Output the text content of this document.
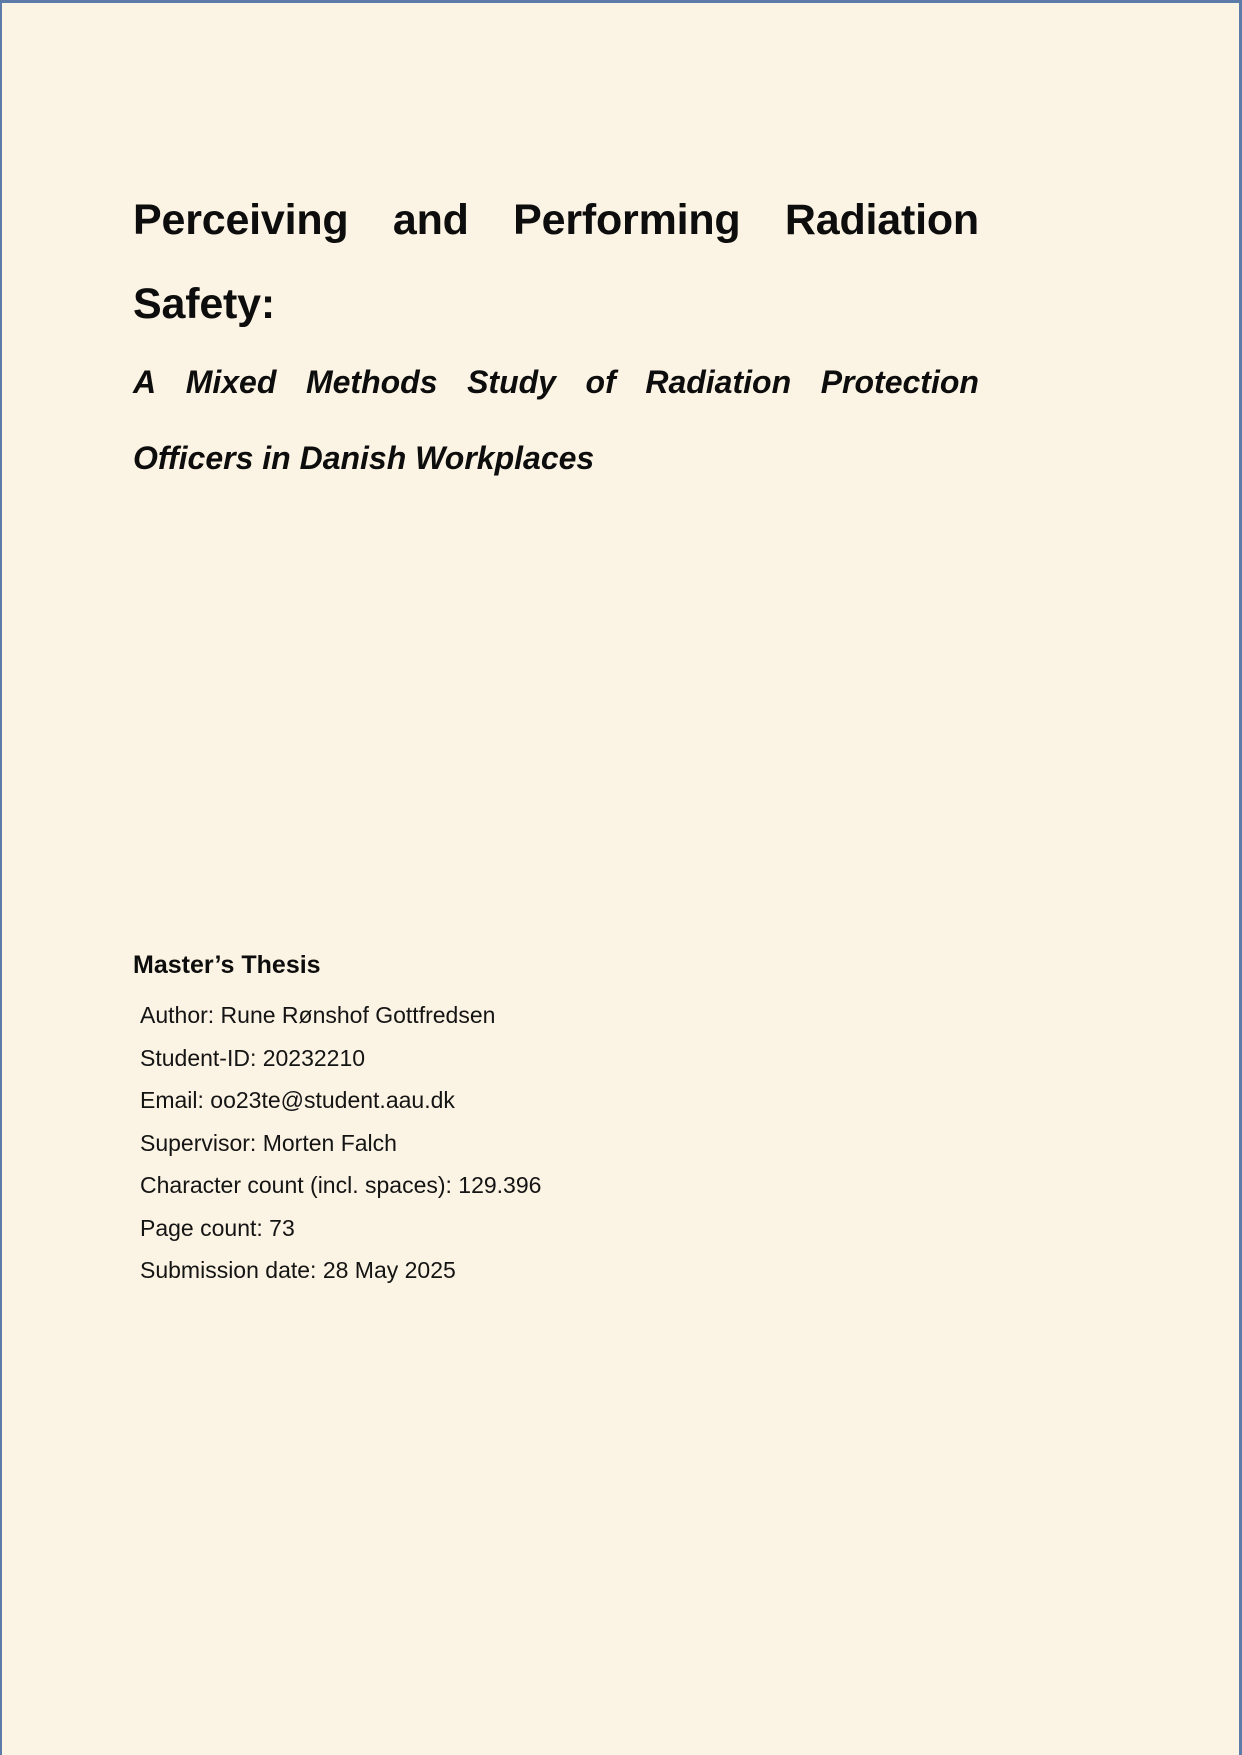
Perceiving and Performing Radiation
Safety:
A Mixed Methods Study of Radiation Protection
Officers in Danish Workplaces
Master’s Thesis
Author: Rune Rønshof Gottfredsen
Student-ID: 20232210
Email: oo23te@student.aau.dk
Supervisor: Morten Falch
Character count (incl. spaces): 129.396
Page count: 73
Submission date: 28 May 2025
